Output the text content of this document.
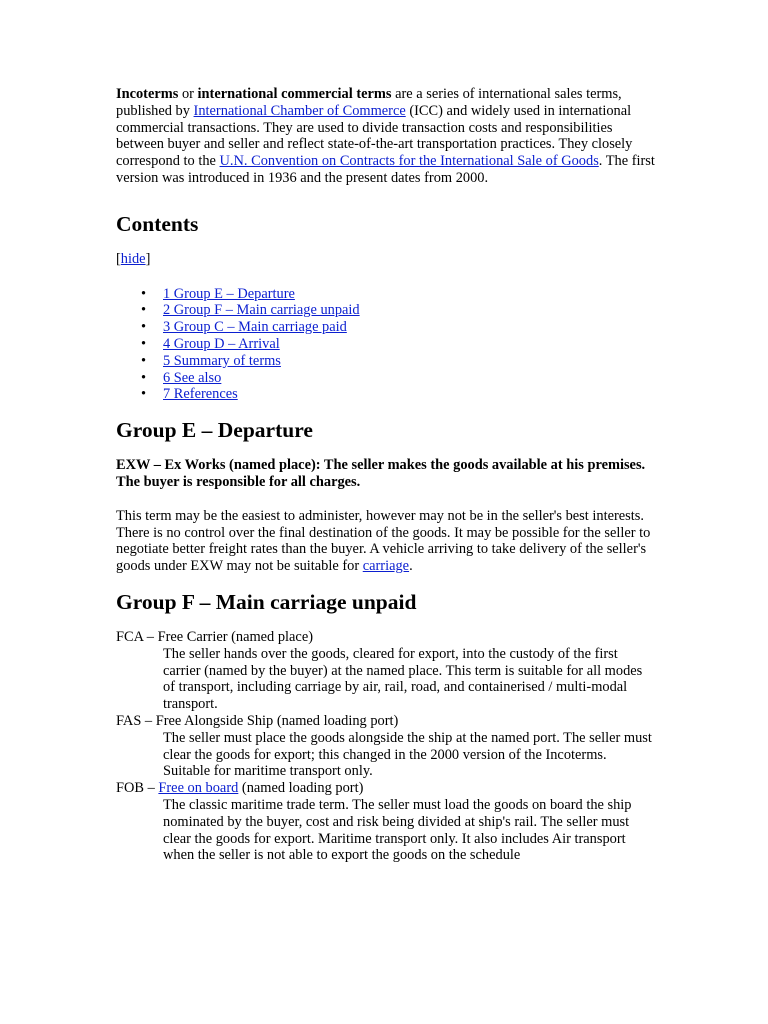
Incoterms or international commercial terms are a series of international sales terms, published by International Chamber of Commerce (ICC) and widely used in international commercial transactions. They are used to divide transaction costs and responsibilities between buyer and seller and reflect state-of-the-art transportation practices. They closely correspond to the U.N. Convention on Contracts for the International Sale of Goods. The first version was introduced in 1936 and the present dates from 2000.

Contents
[hide]
• 1 Group E – Departure
• 2 Group F – Main carriage unpaid
• 3 Group C – Main carriage paid
• 4 Group D – Arrival
• 5 Summary of terms
• 6 See also
• 7 References
Group E – Departure

EXW – Ex Works (named place): The seller makes the goods available at his premises. The buyer is responsible for all charges.

This term may be the easiest to administer, however may not be in the seller's best interests. There is no control over the final destination of the goods. It may be possible for the seller to negotiate better freight rates than the buyer. A vehicle arriving to take delivery of the seller's goods under EXW may not be suitable for carriage.

Group F – Main carriage unpaid
FCA – Free Carrier (named place)
The seller hands over the goods, cleared for export, into the custody of the first carrier (named by the buyer) at the named place. This term is suitable for all modes of transport, including carriage by air, rail, road, and containerised / multi-modal transport.
FAS – Free Alongside Ship (named loading port)
The seller must place the goods alongside the ship at the named port. The seller must clear the goods for export; this changed in the 2000 version of the Incoterms. Suitable for maritime transport only.
FOB – Free on board (named loading port)
The classic maritime trade term. The seller must load the goods on board the ship nominated by the buyer, cost and risk being divided at ship's rail. The seller must clear the goods for export. Maritime transport only. It also includes Air transport when the seller is not able to export the goods on the schedule
